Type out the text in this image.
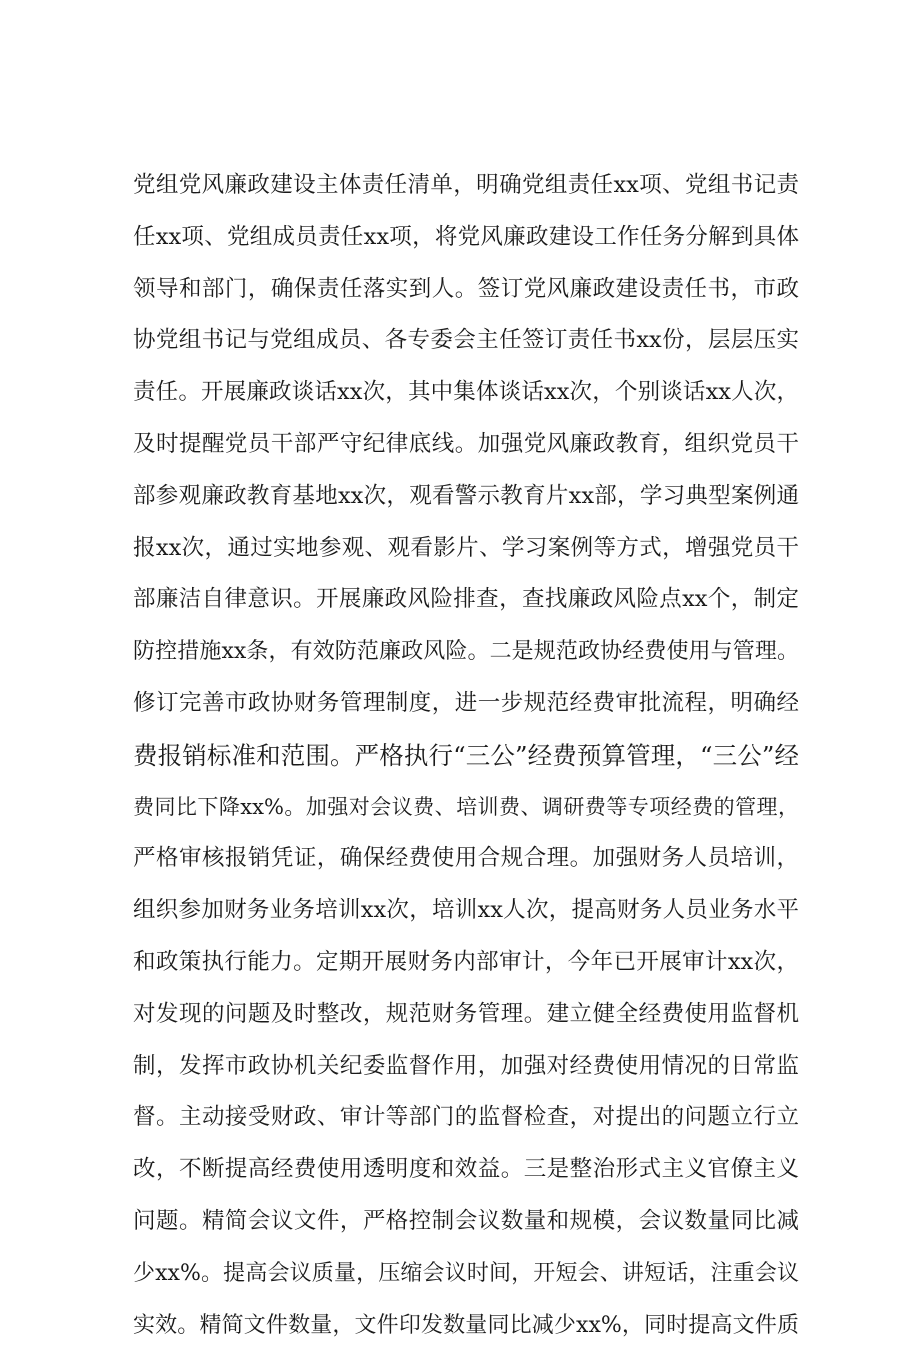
党组党风廉政建设主体责任清单，明确党组责任xx项、党组书记责
任xx项、党组成员责任xx项，将党风廉政建设工作任务分解到具体
领导和部门，确保责任落实到人。签订党风廉政建设责任书，市政
协党组书记与党组成员、各专委会主任签订责任书xx份，层层压实
责任。开展廉政谈话xx次，其中集体谈话xx次，个别谈话xx人次，
及时提醒党员干部严守纪律底线。加强党风廉政教育，组织党员干
部参观廉政教育基地xx次，观看警示教育片xx部，学习典型案例通
报xx次，通过实地参观、观看影片、学习案例等方式，增强党员干
部廉洁自律意识。开展廉政风险排查，查找廉政风险点xx个，制定
防控措施xx条，有效防范廉政风险。二是规范政协经费使用与管理。
修订完善市政协财务管理制度，进一步规范经费审批流程，明确经
费报销标准和范围。严格执行“三公”经费预算管理，“三公”经
费同比下降xx%。加强对会议费、培训费、调研费等专项经费的管理，
严格审核报销凭证，确保经费使用合规合理。加强财务人员培训，
组织参加财务业务培训xx次，培训xx人次，提高财务人员业务水平
和政策执行能力。定期开展财务内部审计，今年已开展审计xx次，
对发现的问题及时整改，规范财务管理。建立健全经费使用监督机
制，发挥市政协机关纪委监督作用，加强对经费使用情况的日常监
督。主动接受财政、审计等部门的监督检查，对提出的问题立行立
改，不断提高经费使用透明度和效益。三是整治形式主义官僚主义
问题。精简会议文件，严格控制会议数量和规模，会议数量同比减
少xx%。提高会议质量，压缩会议时间，开短会、讲短话，注重会议
实效。精简文件数量，文件印发数量同比减少xx%，同时提高文件质
